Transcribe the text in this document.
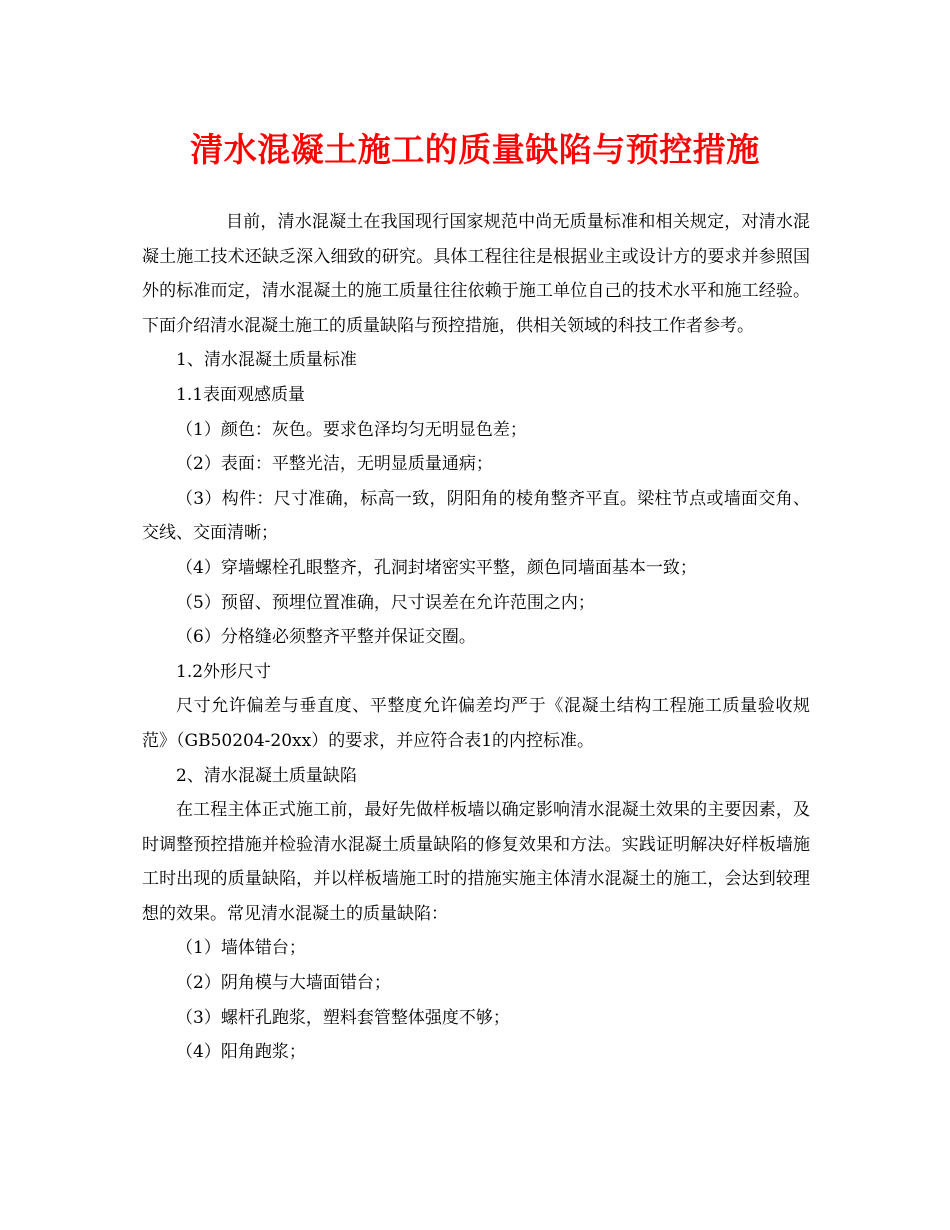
清水混凝土施工的质量缺陷与预控措施

目前，清水混凝土在我国现行国家规范中尚无质量标准和相关规定，对清水混凝土施工技术还缺乏深入细致的研究。具体工程往往是根据业主或设计方的要求并参照国外的标准而定，清水混凝土的施工质量往往依赖于施工单位自己的技术水平和施工经验。下面介绍清水混凝土施工的质量缺陷与预控措施，供相关领域的科技工作者参考。

1、清水混凝土质量标准

1.1表面观感质量

（1）颜色：灰色。要求色泽均匀无明显色差；

（2）表面：平整光洁，无明显质量通病；

（3）构件：尺寸准确，标高一致，阴阳角的棱角整齐平直。梁柱节点或墙面交角、交线、交面清晰；

（4）穿墙螺栓孔眼整齐，孔洞封堵密实平整，颜色同墙面基本一致；

（5）预留、预埋位置准确，尺寸误差在允许范围之内；

（6）分格缝必须整齐平整并保证交圈。

1.2外形尺寸

尺寸允许偏差与垂直度、平整度允许偏差均严于《混凝土结构工程施工质量验收规范》（GB50204-20xx）的要求，并应符合表1的内控标准。

2、清水混凝土质量缺陷

在工程主体正式施工前，最好先做样板墙以确定影响清水混凝土效果的主要因素，及时调整预控措施并检验清水混凝土质量缺陷的修复效果和方法。实践证明解决好样板墙施工时出现的质量缺陷，并以样板墙施工时的措施实施主体清水混凝土的施工，会达到较理想的效果。常见清水混凝土的质量缺陷：

（1）墙体错台；

（2）阴角模与大墙面错台；

（3）螺杆孔跑浆，塑料套管整体强度不够；

（4）阳角跑浆；
